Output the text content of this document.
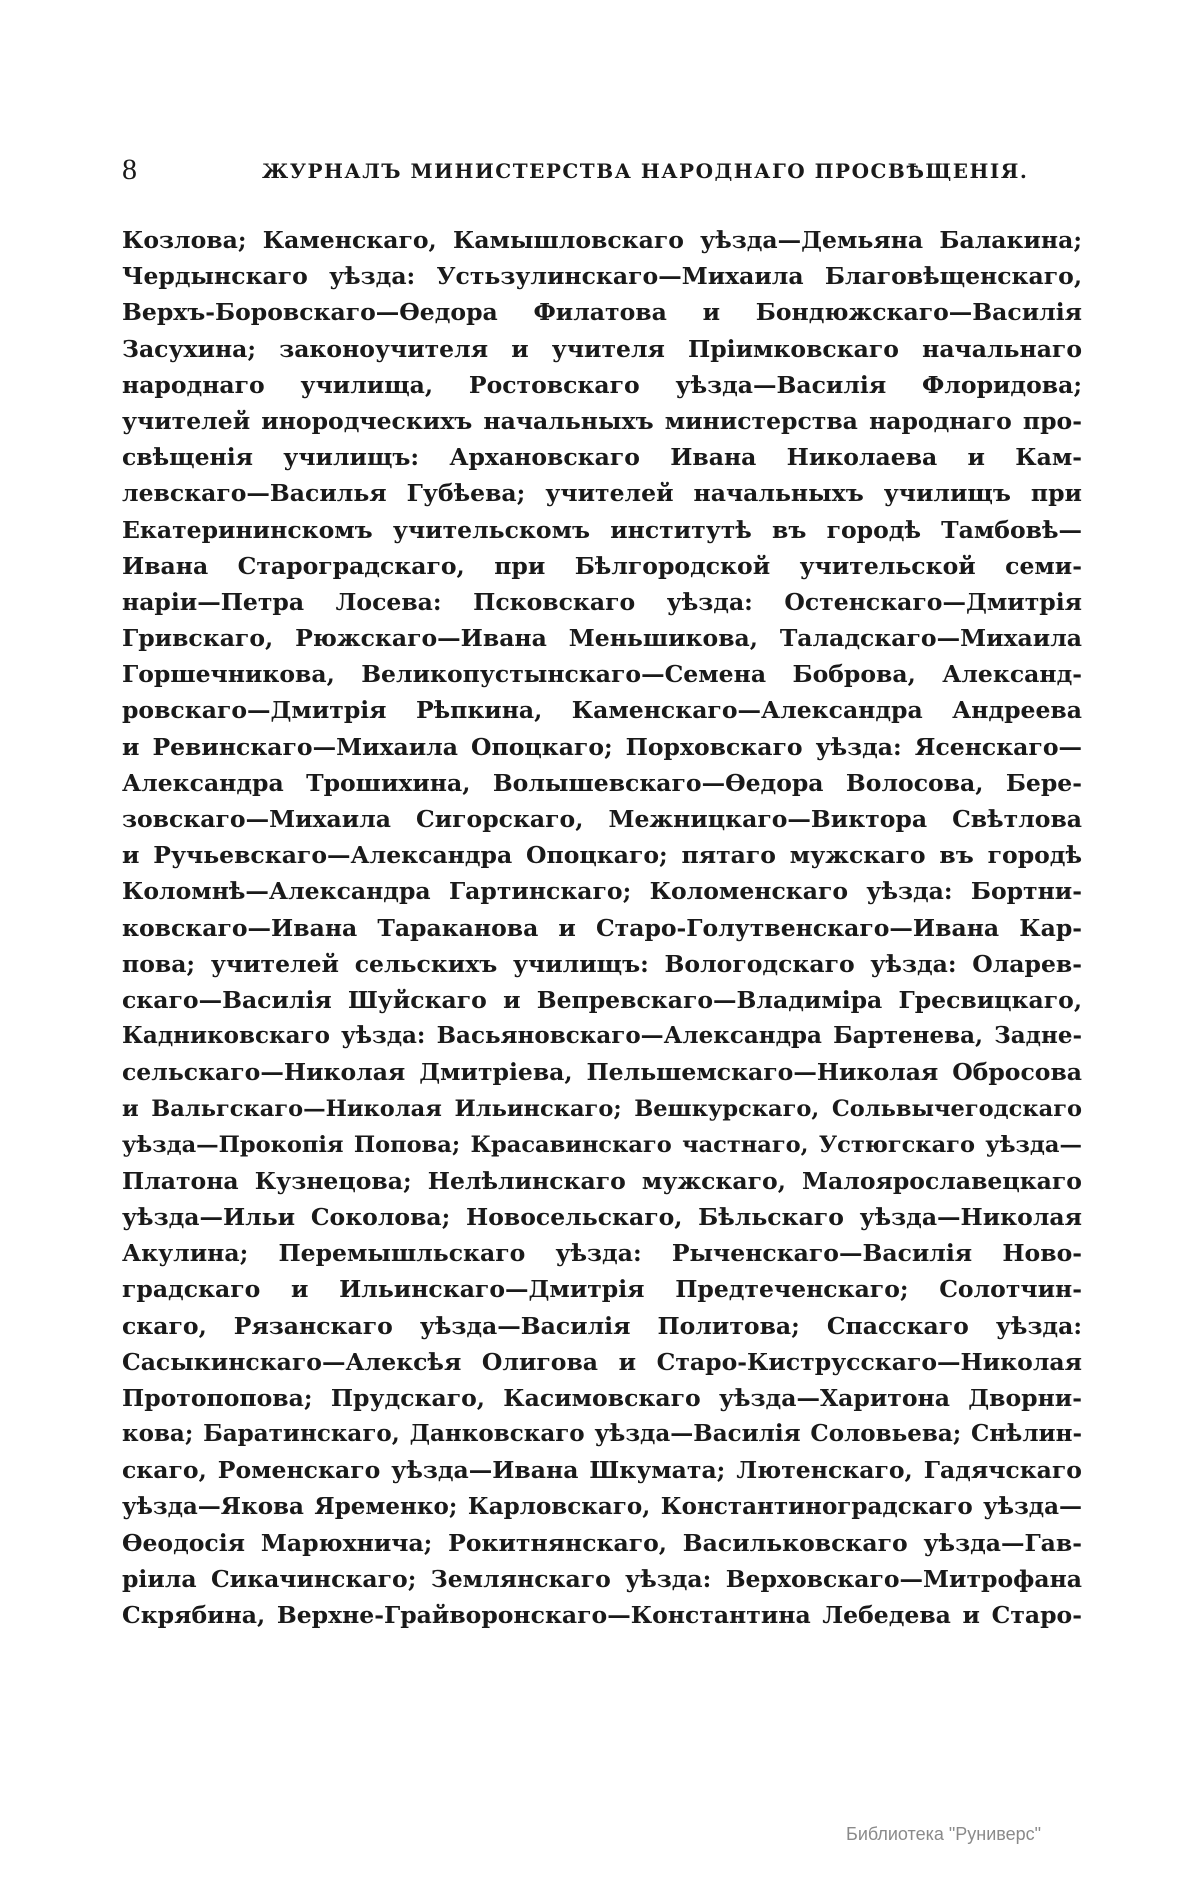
8	ЖУРНАЛЪ МИНИСТЕРСТВА НАРОДНАГО ПРОСВѢЩЕНІЯ.
Козлова; Каменскаго, Камышловскаго уѣзда—Демьяна Балакина;
Чердынскаго уѣзда: Устьзулинскаго—Михаила Благовѣщенскаго,
Верхъ-Боровскаго—Ѳедора Филатова и Бондюжскаго—Василія
Засухина; законоучителя и учителя Пріимковскаго начальнаго
народнаго училища, Ростовскаго уѣзда—Василія Флоридова;
учителей инородческихъ начальныхъ министерства народнаго про-
свѣщенія училищъ: Архановскаго Ивана Николаева и Кам-
левскаго—Василья Губѣева; учителей начальныхъ училищъ при
Екатерининскомъ учительскомъ институтѣ въ городѣ Тамбовѣ—
Ивана Староградскаго, при Бѣлгородской учительской семи-
наріи—Петра Лосева: Псковскаго уѣзда: Остенскаго—Дмитрія
Гривскаго, Рюжскаго—Ивана Меньшикова, Таладскаго—Михаила
Горшечникова, Великопустынскаго—Семена Боброва, Александ-
ровскаго—Дмитрія Рѣпкина, Каменскаго—Александра Андреева
и Ревинскаго—Михаила Опоцкаго; Порховскаго уѣзда: Ясенскаго—
Александра Трошихина, Волышевскаго—Ѳедора Волосова, Бере-
зовскаго—Михаила Сигорскаго, Межницкаго—Виктора Свѣтлова
и Ручьевскаго—Александра Опоцкаго; пятаго мужскаго въ городѣ
Коломнѣ—Александра Гартинскаго; Коломенскаго уѣзда: Бортни-
ковскаго—Ивана Тараканова и Старо-Голутвенскаго—Ивана Кар-
пова; учителей сельскихъ училищъ: Вологодскаго уѣзда: Оларев-
скаго—Василія Шуйскаго и Вепревскаго—Владиміра Гресвицкаго,
Кадниковскаго уѣзда: Васьяновскаго—Александра Бартенева, Задне-
сельскаго—Николая Дмитріева, Пельшемскаго—Николая Обросова
и Вальгскаго—Николая Ильинскаго; Вешкурскаго, Сольвычегодскаго
уѣзда—Прокопія Попова; Красавинскаго частнаго, Устюгскаго уѣзда—
Платона Кузнецова; Нелѣлинскаго мужскаго, Малоярославецкаго
уѣзда—Ильи Соколова; Новосельскаго, Бѣльскаго уѣзда—Николая
Акулина; Перемышльскаго уѣзда: Рыченскаго—Василія Ново-
градскаго и Ильинскаго—Дмитрія Предтеченскаго; Солотчин-
скаго, Рязанскаго уѣзда—Василія Политова; Спасскаго уѣзда:
Сасыкинскаго—Алексѣя Олигова и Старо-Киструсскаго—Николая
Протопопова; Прудскаго, Касимовскаго уѣзда—Харитона Дворни-
кова; Баратинскаго, Данковскаго уѣзда—Василія Соловьева; Снѣлин-
скаго, Роменскаго уѣзда—Ивана Шкумата; Лютенскаго, Гадячскаго
уѣзда—Якова Яременко; Карловскаго, Константиноградскаго уѣзда—
Ѳеодосія Марюхнича; Рокитнянскаго, Васильковскаго уѣзда—Гав-
ріила Сикачинскаго; Землянскаго уѣзда: Верховскаго—Митрофана
Скрябина, Верхне-Грайворонскаго—Константина Лебедева и Старо-
Библиотека "Руниверс"
